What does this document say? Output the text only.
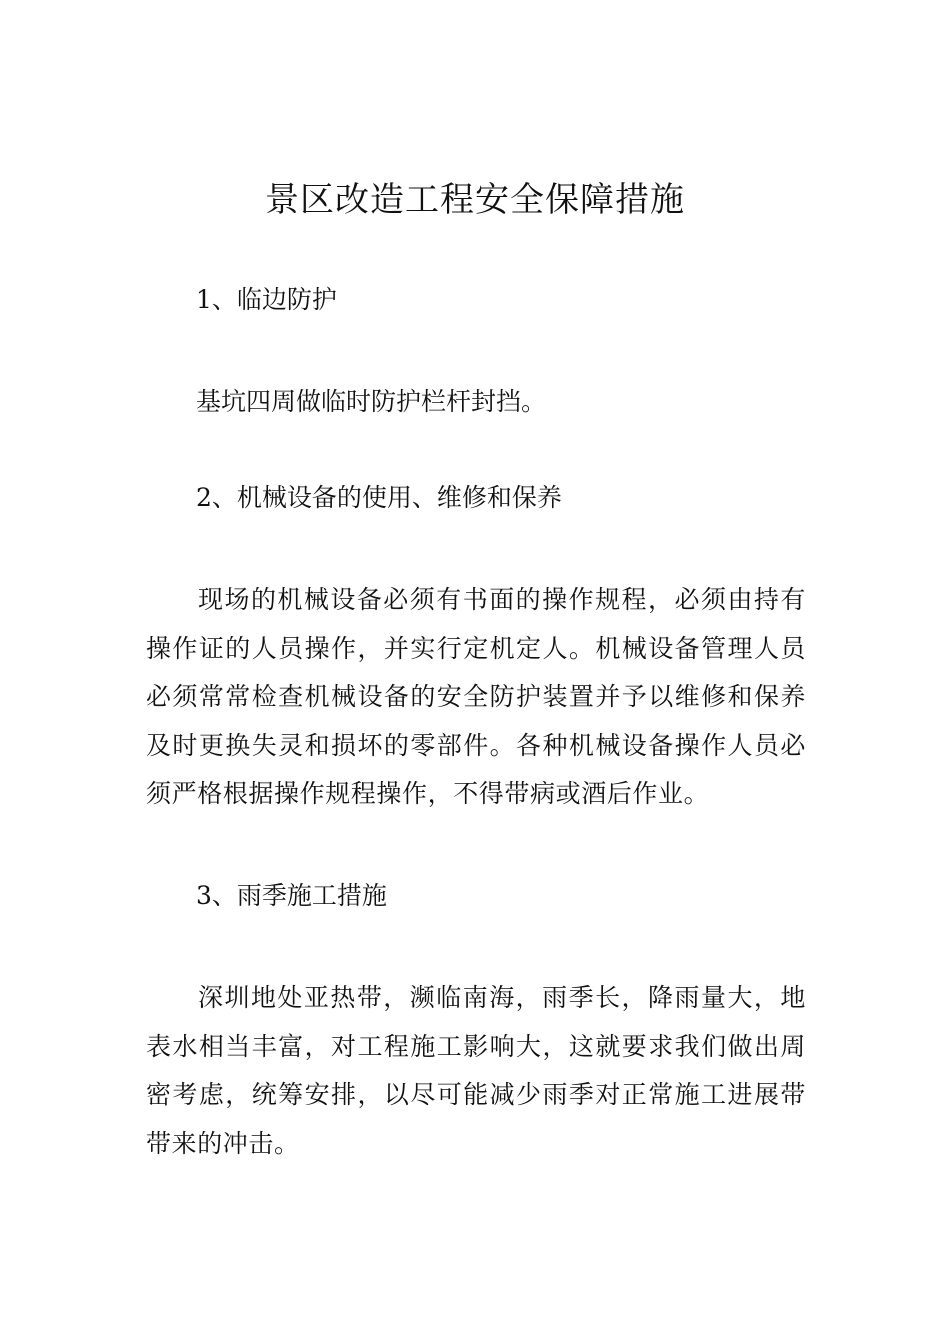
景区改造工程安全保障措施

1、临边防护

基坑四周做临时防护栏杆封挡。

2、机械设备的使用、维修和保养

现场的机械设备必须有书面的操作规程，必须由持有操作证的人员操作，并实行定机定人。机械设备管理人员必须常常检查机械设备的安全防护装置并予以维修和保养及时更换失灵和损坏的零部件。各种机械设备操作人员必须严格根据操作规程操作，不得带病或酒后作业。

3、雨季施工措施

深圳地处亚热带，濒临南海，雨季长，降雨量大，地表水相当丰富，对工程施工影响大，这就要求我们做出周密考虑，统筹安排，以尽可能减少雨季对正常施工进展带带来的冲击。
